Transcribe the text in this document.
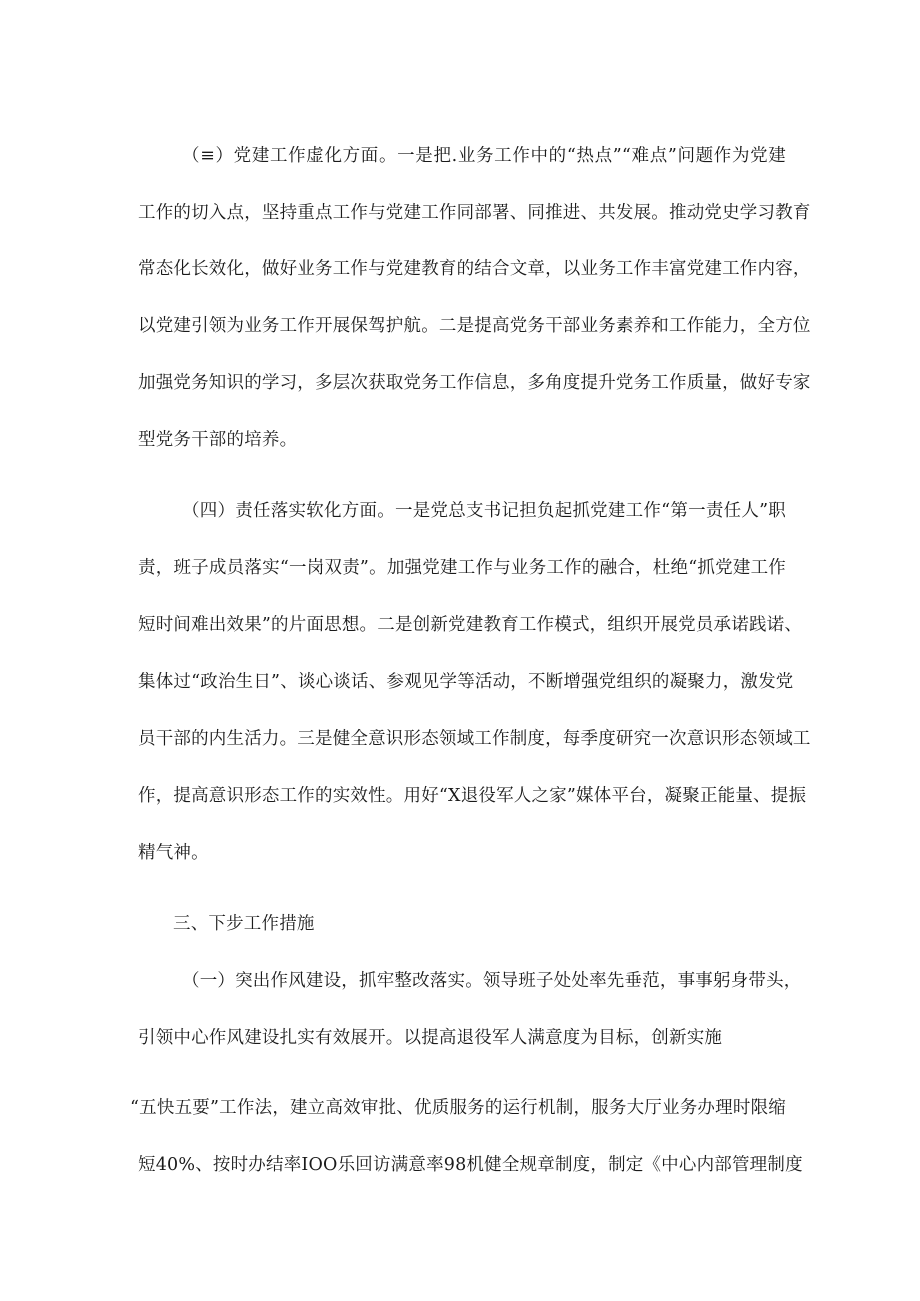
（≡）党建工作虚化方面。一是把.业务工作中的“热点”“难点”问题作为党建
工作的切入点，坚持重点工作与党建工作同部署、同推进、共发展。推动党史学习教育
常态化长效化，做好业务工作与党建教育的结合文章，以业务工作丰富党建工作内容，
以党建引领为业务工作开展保驾护航。二是提高党务干部业务素养和工作能力，全方位
加强党务知识的学习，多层次获取党务工作信息，多角度提升党务工作质量，做好专家
型党务干部的培养。
（四）责任落实软化方面。一是党总支书记担负起抓党建工作“第一责任人”职
责，班子成员落实“一岗双责”。加强党建工作与业务工作的融合，杜绝“抓党建工作
短时间难出效果”的片面思想。二是创新党建教育工作模式，组织开展党员承诺践诺、
集体过“政治生日”、谈心谈话、参观见学等活动，不断增强党组织的凝聚力，激发党
员干部的内生活力。三是健全意识形态领域工作制度，每季度研究一次意识形态领域工
作，提高意识形态工作的实效性。用好“X退役军人之家”媒体平台，凝聚正能量、提振
精气神。
三、下步工作措施
（一）突出作风建设，抓牢整改落实。领导班子处处率先垂范，事事躬身带头，
引领中心作风建设扎实有效展开。以提高退役军人满意度为目标，创新实施
“五快五要”工作法，建立高效审批、优质服务的运行机制，服务大厅业务办理时限缩
短40%、按时办结率IOO乐回访满意率98机健全规章制度，制定《中心内部管理制度
